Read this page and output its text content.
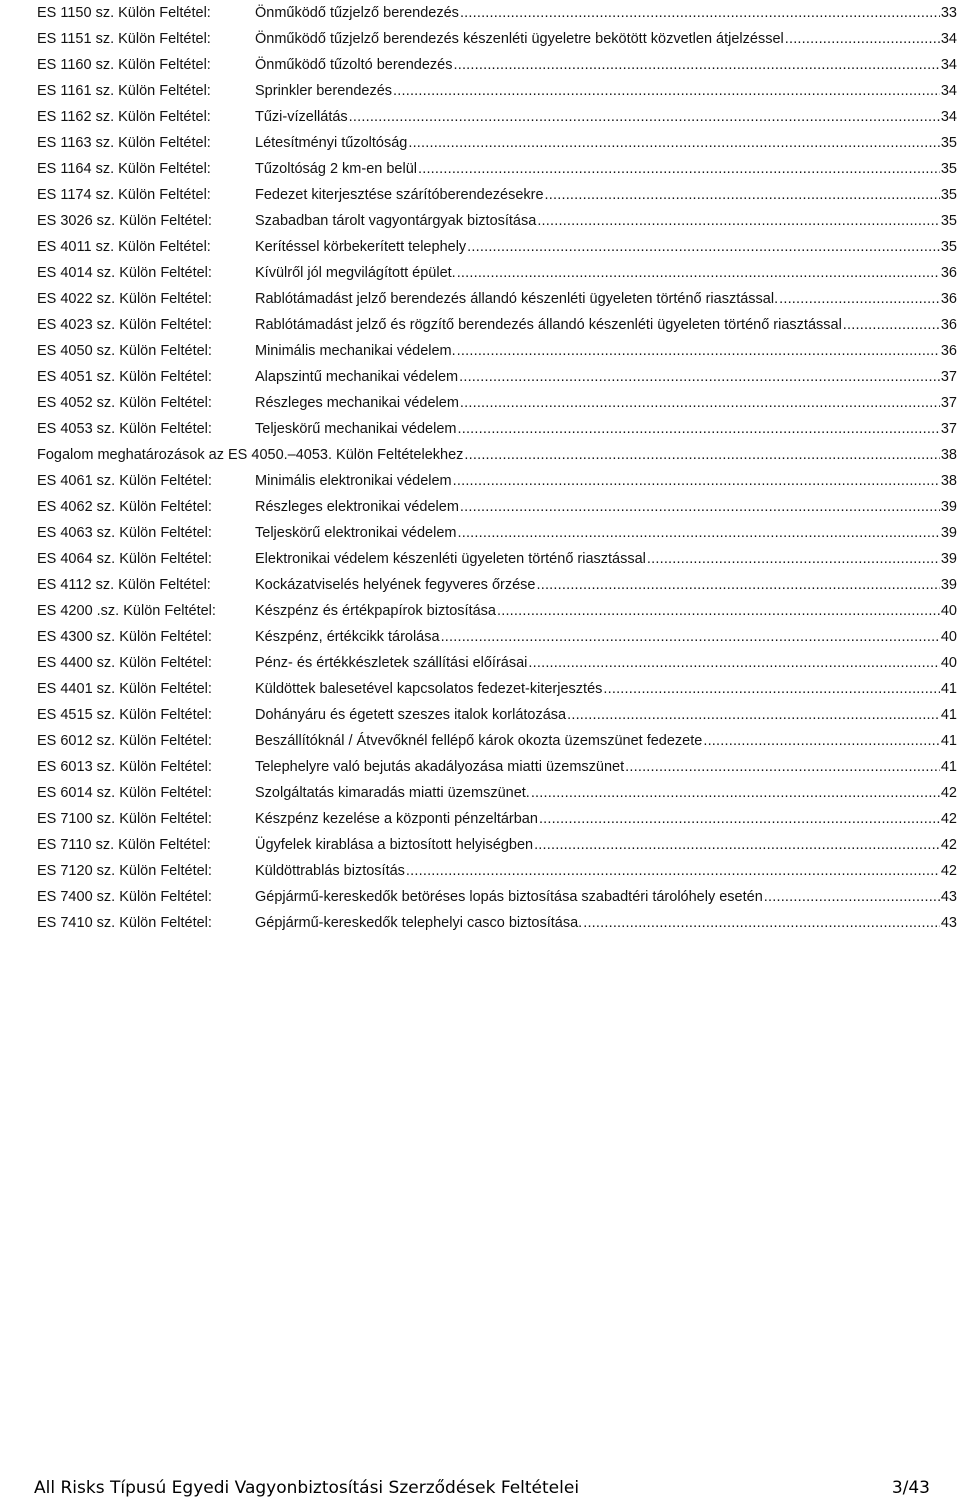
ES 1150 sz. Külön Feltétel:	Önműködő tűzjelző berendezés .....	33
ES 1151 sz. Külön Feltétel:	Önműködő tűzjelző berendezés készenléti ügyeletre bekötött közvetlen átjelzéssel .....	34
ES 1160 sz. Külön Feltétel:	Önműködő tűzoltó berendezés .....	34
ES 1161 sz. Külön Feltétel:	Sprinkler berendezés .....	34
ES 1162 sz. Külön Feltétel:	Tűzi-vízellátás .....	34
ES 1163 sz. Külön Feltétel:	Létesítményi tűzoltóság .....	35
ES 1164 sz. Külön Feltétel:	Tűzoltóság 2 km-en belül .....	35
ES 1174 sz. Külön Feltétel:	Fedezet kiterjesztése szárítóberendezésekre .....	35
ES 3026 sz. Külön Feltétel:	Szabadban tárolt vagyontárgyak biztosítása .....	35
ES 4011 sz. Külön Feltétel:	Kerítéssel körbekerített telephely .....	35
ES 4014 sz. Külön Feltétel:	Kívülről jól megvilágított épület. .....	36
ES 4022 sz. Külön Feltétel:	Rablótámadást jelző berendezés állandó készenléti ügyeleten történő riasztással. .....	36
ES 4023 sz. Külön Feltétel:	Rablótámadást jelző és rögzítő berendezés állandó készenléti ügyeleten történő riasztással .....	36
ES 4050 sz. Külön Feltétel:	Minimális mechanikai védelem. .....	36
ES 4051 sz. Külön Feltétel:	Alapszintű mechanikai védelem .....	37
ES 4052 sz. Külön Feltétel:	Részleges mechanikai védelem .....	37
ES 4053 sz. Külön Feltétel:	Teljeskörű mechanikai védelem .....	37
Fogalom meghatározások az ES 4050.–4053. Külön Feltételekhez .....	38
ES 4061 sz. Külön Feltétel:	Minimális elektronikai védelem .....	38
ES 4062 sz. Külön Feltétel:	Részleges elektronikai védelem .....	39
ES 4063 sz. Külön Feltétel:	Teljeskörű elektronikai védelem .....	39
ES 4064 sz. Külön Feltétel:	Elektronikai védelem készenléti ügyeleten történő riasztással .....	39
ES 4112 sz. Külön Feltétel:	Kockázatviselés helyének fegyveres őrzése .....	39
ES 4200 .sz. Külön Feltétel:	Készpénz és értékpapírok biztosítása .....	40
ES 4300 sz. Külön Feltétel:	Készpénz, értékcikk tárolása .....	40
ES 4400 sz. Külön Feltétel:	Pénz- és értékkészletek szállítási előírásai .....	40
ES 4401 sz. Külön Feltétel:	Küldöttek balesetével kapcsolatos fedezet-kiterjesztés .....	41
ES 4515 sz. Külön Feltétel:	Dohányáru és égetett szeszes italok korlátozása .....	41
ES 6012 sz. Külön Feltétel:	Beszállítóknál / Átvevőknél fellépő károk okozta üzemszünet fedezete .....	41
ES 6013 sz. Külön Feltétel:	Telephelyre való bejutás akadályozása miatti üzemszünet .....	41
ES 6014 sz. Külön Feltétel:	Szolgáltatás kimaradás miatti üzemszünet. .....	42
ES 7100 sz. Külön Feltétel:	Készpénz kezelése a központi pénzeltárban .....	42
ES 7110 sz. Külön Feltétel:	Ügyfelek kirablása a biztosított helyiségben .....	42
ES 7120 sz. Külön Feltétel:	Küldöttrablás biztosítás .....	42
ES 7400 sz. Külön Feltétel:	Gépjármű-kereskedők betöréses lopás biztosítása szabadtéri tárolóhely esetén .....	43
ES 7410 sz. Külön Feltétel:	Gépjármű-kereskedők telephelyi casco biztosítása. .....	43
All Risks Típusú Egyedi Vagyonbiztosítási Szerződések Feltételei	3/43
